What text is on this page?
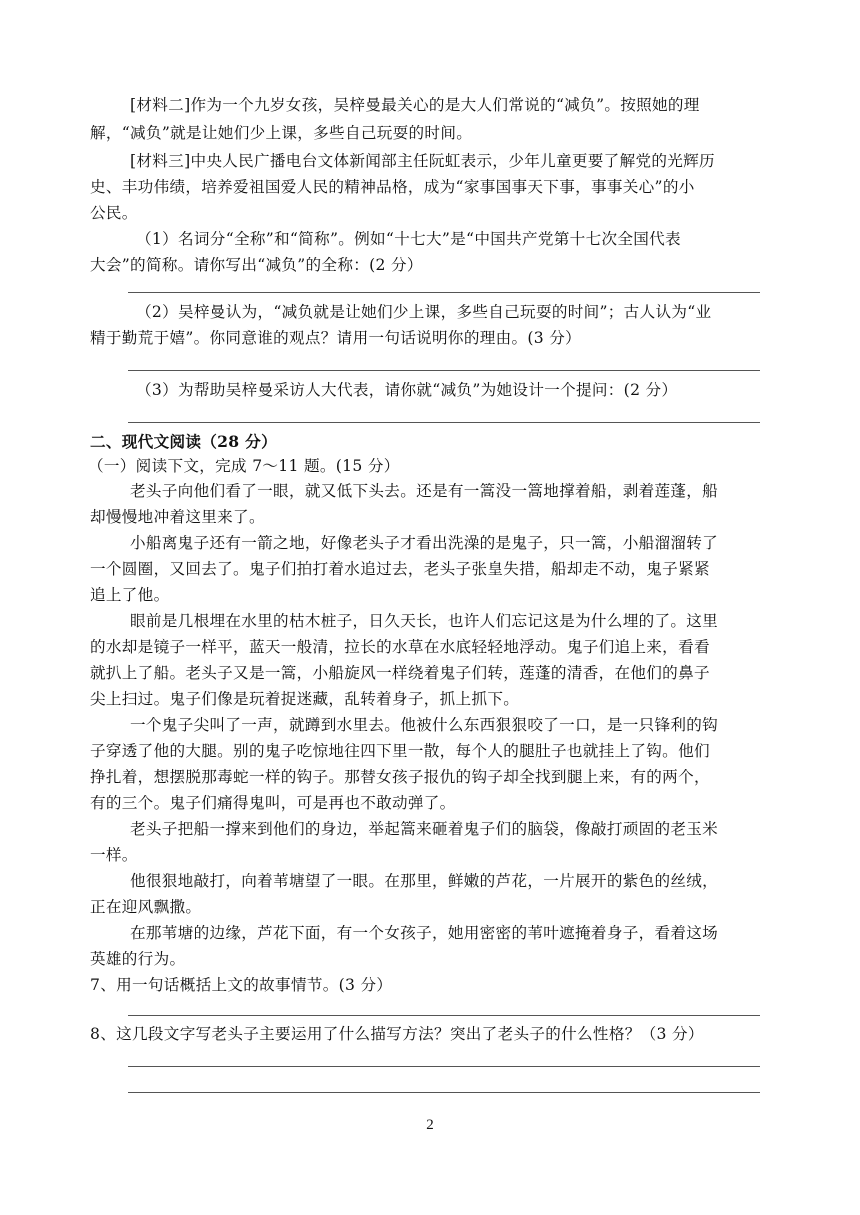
[材料二]作为一个九岁女孩，吴梓曼最关心的是大人们常说的“减负”。按照她的理
解，“减负”就是让她们少上课，多些自己玩耍的时间。
[材料三]中央人民广播电台文体新闻部主任阮虹表示，少年儿童更要了解党的光辉历
史、丰功伟绩，培养爱祖国爱人民的精神品格，成为“家事国事天下事，事事关心”的小
公民。
（1）名词分“全称”和“简称”。例如“十七大”是“中国共产党第十七次全国代表
大会”的简称。请你写出“减负”的全称：(2 分）
（2）吴梓曼认为，“减负就是让她们少上课，多些自己玩耍的时间”；古人认为“业
精于勤荒于嬉”。你同意谁的观点？请用一句话说明你的理由。(3 分）
（3）为帮助吴梓曼采访人大代表，请你就“减负”为她设计一个提问：(2 分）
二、现代文阅读（28 分）
（一）阅读下文，完成 7～11 题。(15 分）
老头子向他们看了一眼，就又低下头去。还是有一篙没一篙地撑着船，剥着莲蓬，船
却慢慢地冲着这里来了。
小船离鬼子还有一箭之地，好像老头子才看出洗澡的是鬼子，只一篙，小船溜溜转了
一个圆圈，又回去了。鬼子们拍打着水追过去，老头子张皇失措，船却走不动，鬼子紧紧
追上了他。
眼前是几根埋在水里的枯木桩子，日久天长，也许人们忘记这是为什么埋的了。这里
的水却是镜子一样平，蓝天一般清，拉长的水草在水底轻轻地浮动。鬼子们追上来，看看
就扒上了船。老头子又是一篙，小船旋风一样绕着鬼子们转，莲蓬的清香，在他们的鼻子
尖上扫过。鬼子们像是玩着捉迷藏，乱转着身子，抓上抓下。
一个鬼子尖叫了一声，就蹲到水里去。他被什么东西狠狠咬了一口，是一只锋利的钩
子穿透了他的大腿。别的鬼子吃惊地往四下里一散，每个人的腿肚子也就挂上了钩。他们
挣扎着，想摆脱那毒蛇一样的钩子。那替女孩子报仇的钩子却全找到腿上来，有的两个，
有的三个。鬼子们痛得鬼叫，可是再也不敢动弹了。
老头子把船一撑来到他们的身边，举起篙来砸着鬼子们的脑袋，像敲打顽固的老玉米
一样。
他很狠地敲打，向着苇塘望了一眼。在那里，鲜嫩的芦花，一片展开的紫色的丝绒，
正在迎风飘撒。
在那苇塘的边缘，芦花下面，有一个女孩子，她用密密的苇叶遮掩着身子，看着这场
英雄的行为。
7、用一句话概括上文的故事情节。(3 分）
8、这几段文字写老头子主要运用了什么描写方法？突出了老头子的什么性格？（3 分）
2
